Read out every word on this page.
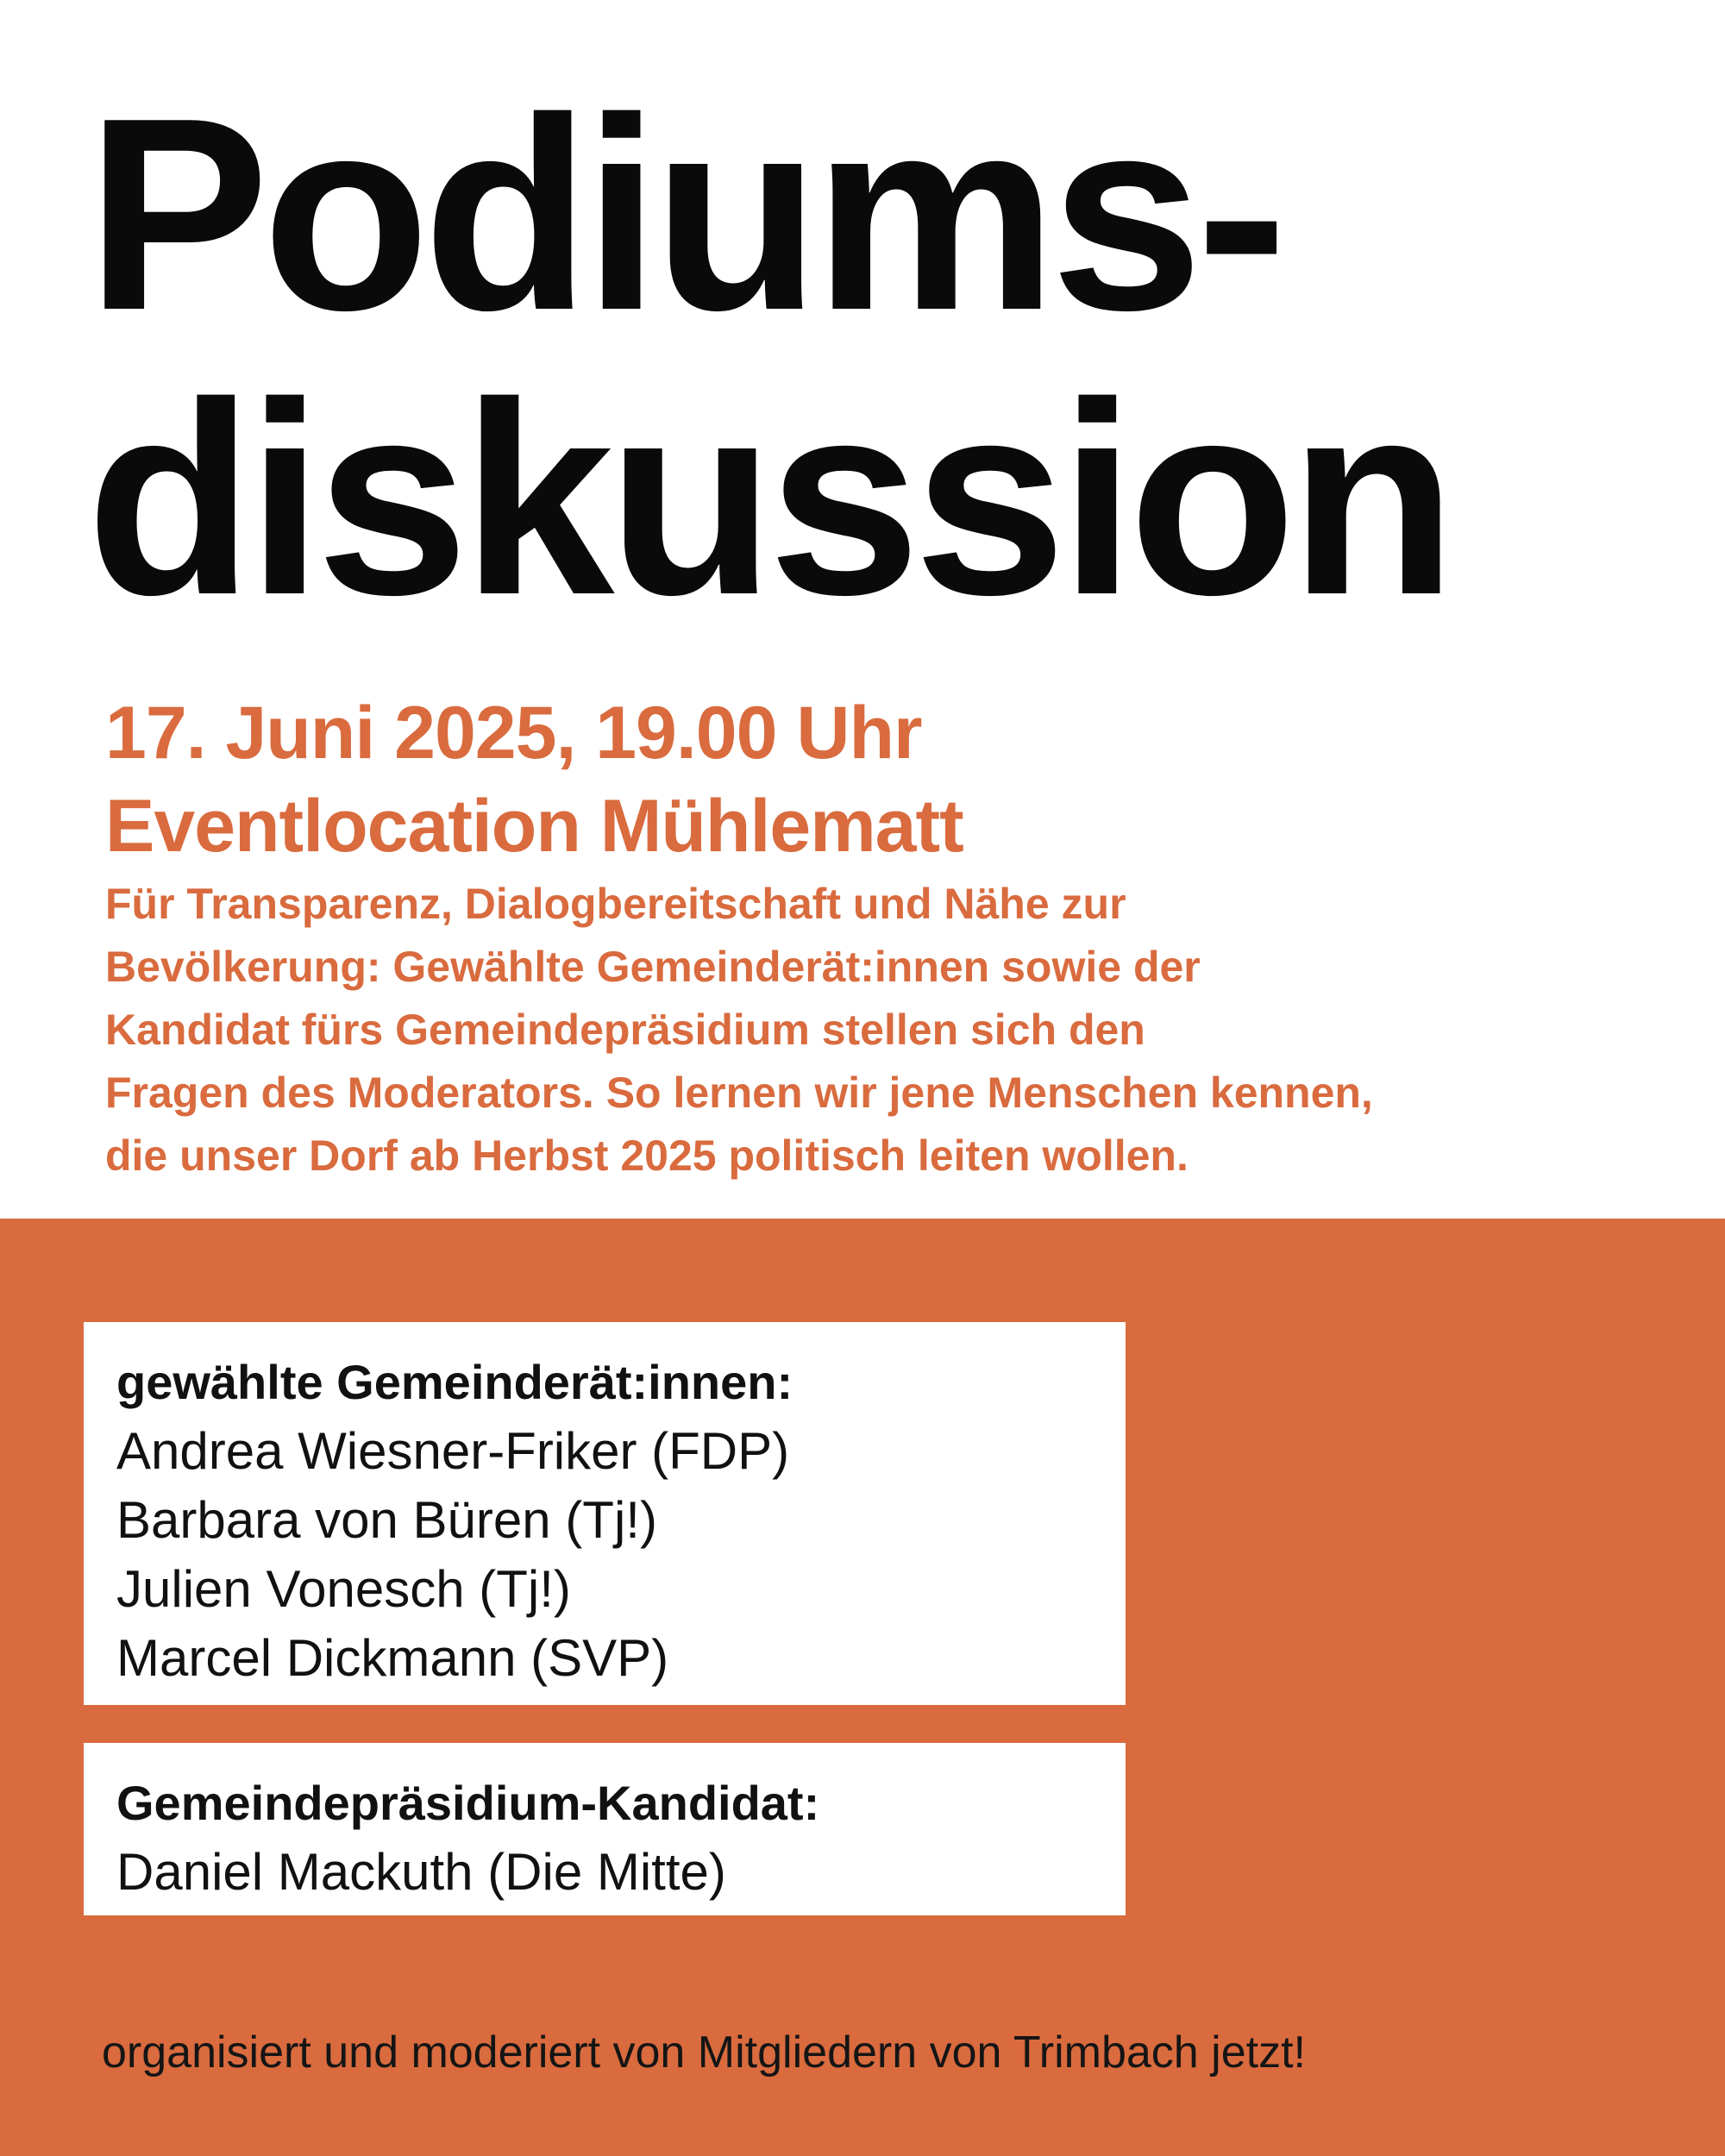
Podiums-
diskussion
17. Juni 2025, 19.00 Uhr
Eventlocation Mühlematt
Für Transparenz, Dialogbereitschaft und Nähe zur
Bevölkerung: Gewählte Gemeinderät:innen sowie der
Kandidat fürs Gemeindepräsidium stellen sich den
Fragen des Moderators. So lernen wir jene Menschen kennen,
die unser Dorf ab Herbst 2025 politisch leiten wollen.
gewählte Gemeinderät:innen:
Andrea Wiesner-Friker (FDP)
Barbara von Büren (Tj!)
Julien Vonesch (Tj!)
Marcel Dickmann (SVP)
Gemeindepräsidium-Kandidat:
Daniel Mackuth (Die Mitte)
organisiert und moderiert von Mitgliedern von Trimbach jetzt!
